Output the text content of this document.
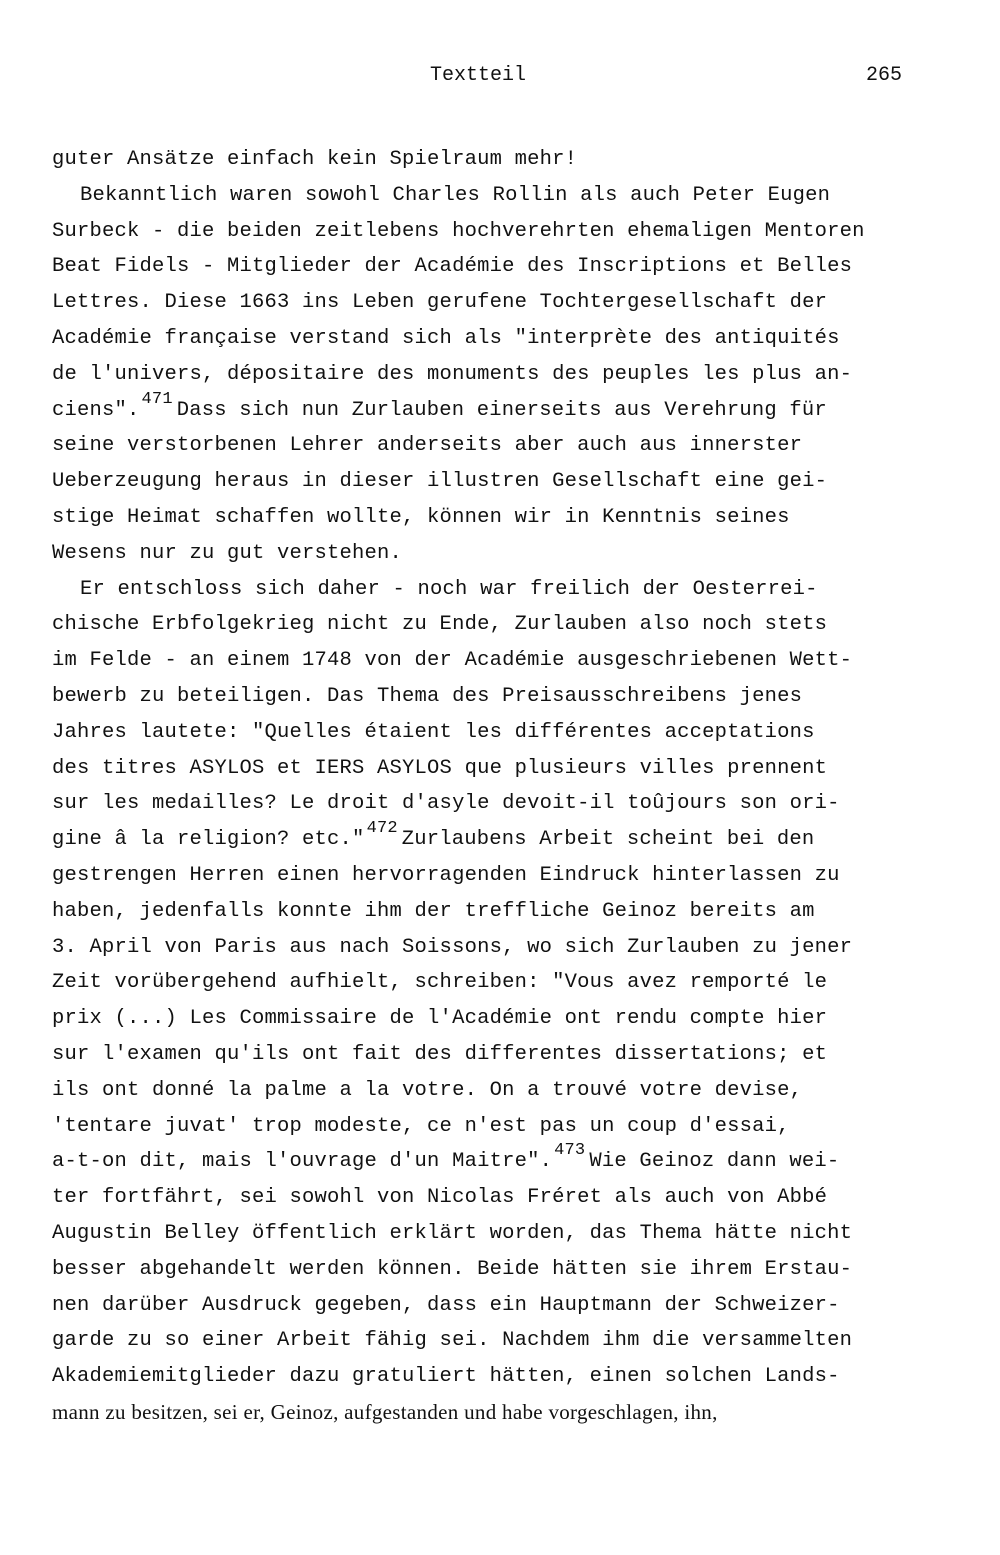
Textteil	265
guter Ansätze einfach kein Spielraum mehr!
Bekanntlich waren sowohl Charles Rollin als auch Peter Eugen
Surbeck - die beiden zeitlebens hochverehrten ehemaligen Mentoren
Beat Fidels - Mitglieder der Académie des Inscriptions et Belles
Lettres. Diese 1663 ins Leben gerufene Tochtergesellschaft der
Académie française verstand sich als "interprète des antiquités
de l'univers, dépositaire des monuments des peuples les plus an-
ciens". $^{471}$ Dass sich nun Zurlauben einerseits aus Verehrung für
seine verstorbenen Lehrer anderseits aber auch aus innerster
Ueberzeugung heraus in dieser illustren Gesellschaft eine gei-
stige Heimat schaffen wollte, können wir in Kenntnis seines
Wesens nur zu gut verstehen.
Er entschloss sich daher - noch war freilich der Oesterrei-
chische Erbfolgekrieg nicht zu Ende, Zurlauben also noch stets
im Felde - an einem 1748 von der Académie ausgeschriebenen Wett-
bewerb zu beteiligen. Das Thema des Preisausschreibens jenes
Jahres lautete: "Quelles étaient les différentes acceptations
des titres ASYLOS et IERS ASYLOS que plusieurs villes prennent
sur les medailles? Le droit d'asyle devoit-il toûjours son ori-
gine â la religion? etc." $^{472}$ Zurlaubens Arbeit scheint bei den
gestrengen Herren einen hervorragenden Eindruck hinterlassen zu
haben, jedenfalls konnte ihm der treffliche Geinoz bereits am
3. April von Paris aus nach Soissons, wo sich Zurlauben zu jener
Zeit vorübergehend aufhielt, schreiben: "Vous avez remporté le
prix (...) Les Commissaire de l'Académie ont rendu compte hier
sur l'examen qu'ils ont fait des differentes dissertations; et
ils ont donné la palme a la votre. On a trouvé votre devise,
'tentare juvat' trop modeste, ce n'est pas un coup d'essai,
a-t-on dit, mais l'ouvrage d'un Maitre". $^{473}$ Wie Geinoz dann wei-
ter fortfährt, sei sowohl von Nicolas Fréret als auch von Abbé
Augustin Belley öffentlich erklärt worden, das Thema hätte nicht
besser abgehandelt werden können. Beide hätten sie ihrem Erstau-
nen darüber Ausdruck gegeben, dass ein Hauptmann der Schweizer-
garde zu so einer Arbeit fähig sei. Nachdem ihm die versammelten
Akademiemitglieder dazu gratuliert hätten, einen solchen Lands-
mann zu besitzen, sei er, Geinoz, aufgestanden und habe vorgeschlagen, ihn,
